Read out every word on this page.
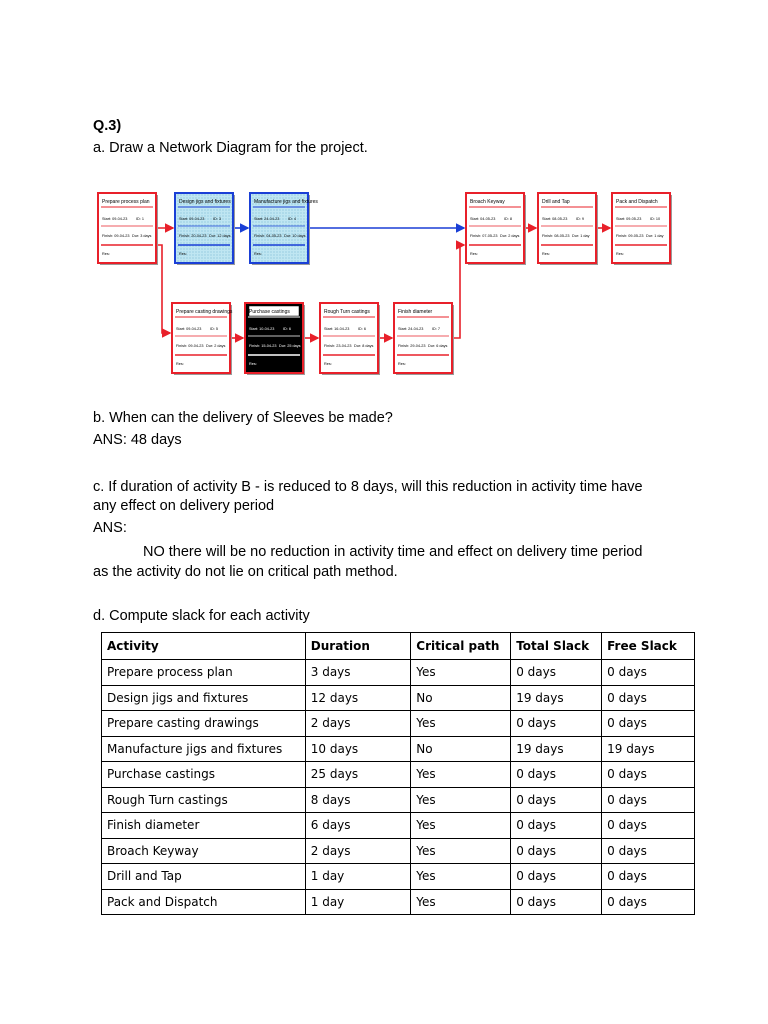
Q.3)
a. Draw a Network Diagram for the project.
Prepare process plan
Start: 09-04-23 ID: 1
Finish: 09-04-23 Dur: 3 days
Res:
Design jigs and fixtures
Start: 09-04-23 ID: 3
Finish: 20-04-23 Dur: 12 days
Res:
Manufacture jigs and fixtures
Start: 24-04-23 ID: 4
Finish: 04-05-23 Dur: 10 days
Res:
Broach Keyway
Start: 04-05-23 ID: 8
Finish: 07-05-23 Dur: 2 days
Res:
Drill and Tap
Start: 08-05-23 ID: 9
Finish: 08-05-23 Dur: 1 day
Res:
Pack and Dispatch
Start: 09-05-23 ID: 10
Finish: 09-05-23 Dur: 1 day
Res:
Prepare casting drawings
Start: 09-04-23 ID: 5
Finish: 09-04-23 Dur: 2 days
Res:
Purchase castings
Start: 10-04-23 ID: 6
Finish: 15-04-23 Dur: 25 days
Res:
Rough Turn castings
Start: 16-04-23 ID: 6
Finish: 23-04-23 Dur: 8 days
Res:
Finish diameter
Start: 24-04-23 ID: 7
Finish: 29-04-23 Dur: 6 days
Res:
b. When can the delivery of Sleeves be made?
ANS: 48 days
c. If duration of activity B - is reduced to 8 days, will this reduction in activity time have
any effect on delivery period
ANS:
NO there will be no reduction in activity time and effect on delivery time period
as the activity do not lie on critical path method.
d. Compute slack for each activity
Activity	Duration	Critical path	Total Slack	Free Slack
Prepare process plan	3 days	Yes	0 days	0 days
Design jigs and fixtures	12 days	No	19 days	0 days
Prepare casting drawings	2 days	Yes	0 days	0 days
Manufacture jigs and fixtures	10 days	No	19 days	19 days
Purchase castings	25 days	Yes	0 days	0 days
Rough Turn castings	8 days	Yes	0 days	0 days
Finish diameter	6 days	Yes	0 days	0 days
Broach Keyway	2 days	Yes	0 days	0 days
Drill and Tap	1 day	Yes	0 days	0 days
Pack and Dispatch	1 day	Yes	0 days	0 days
